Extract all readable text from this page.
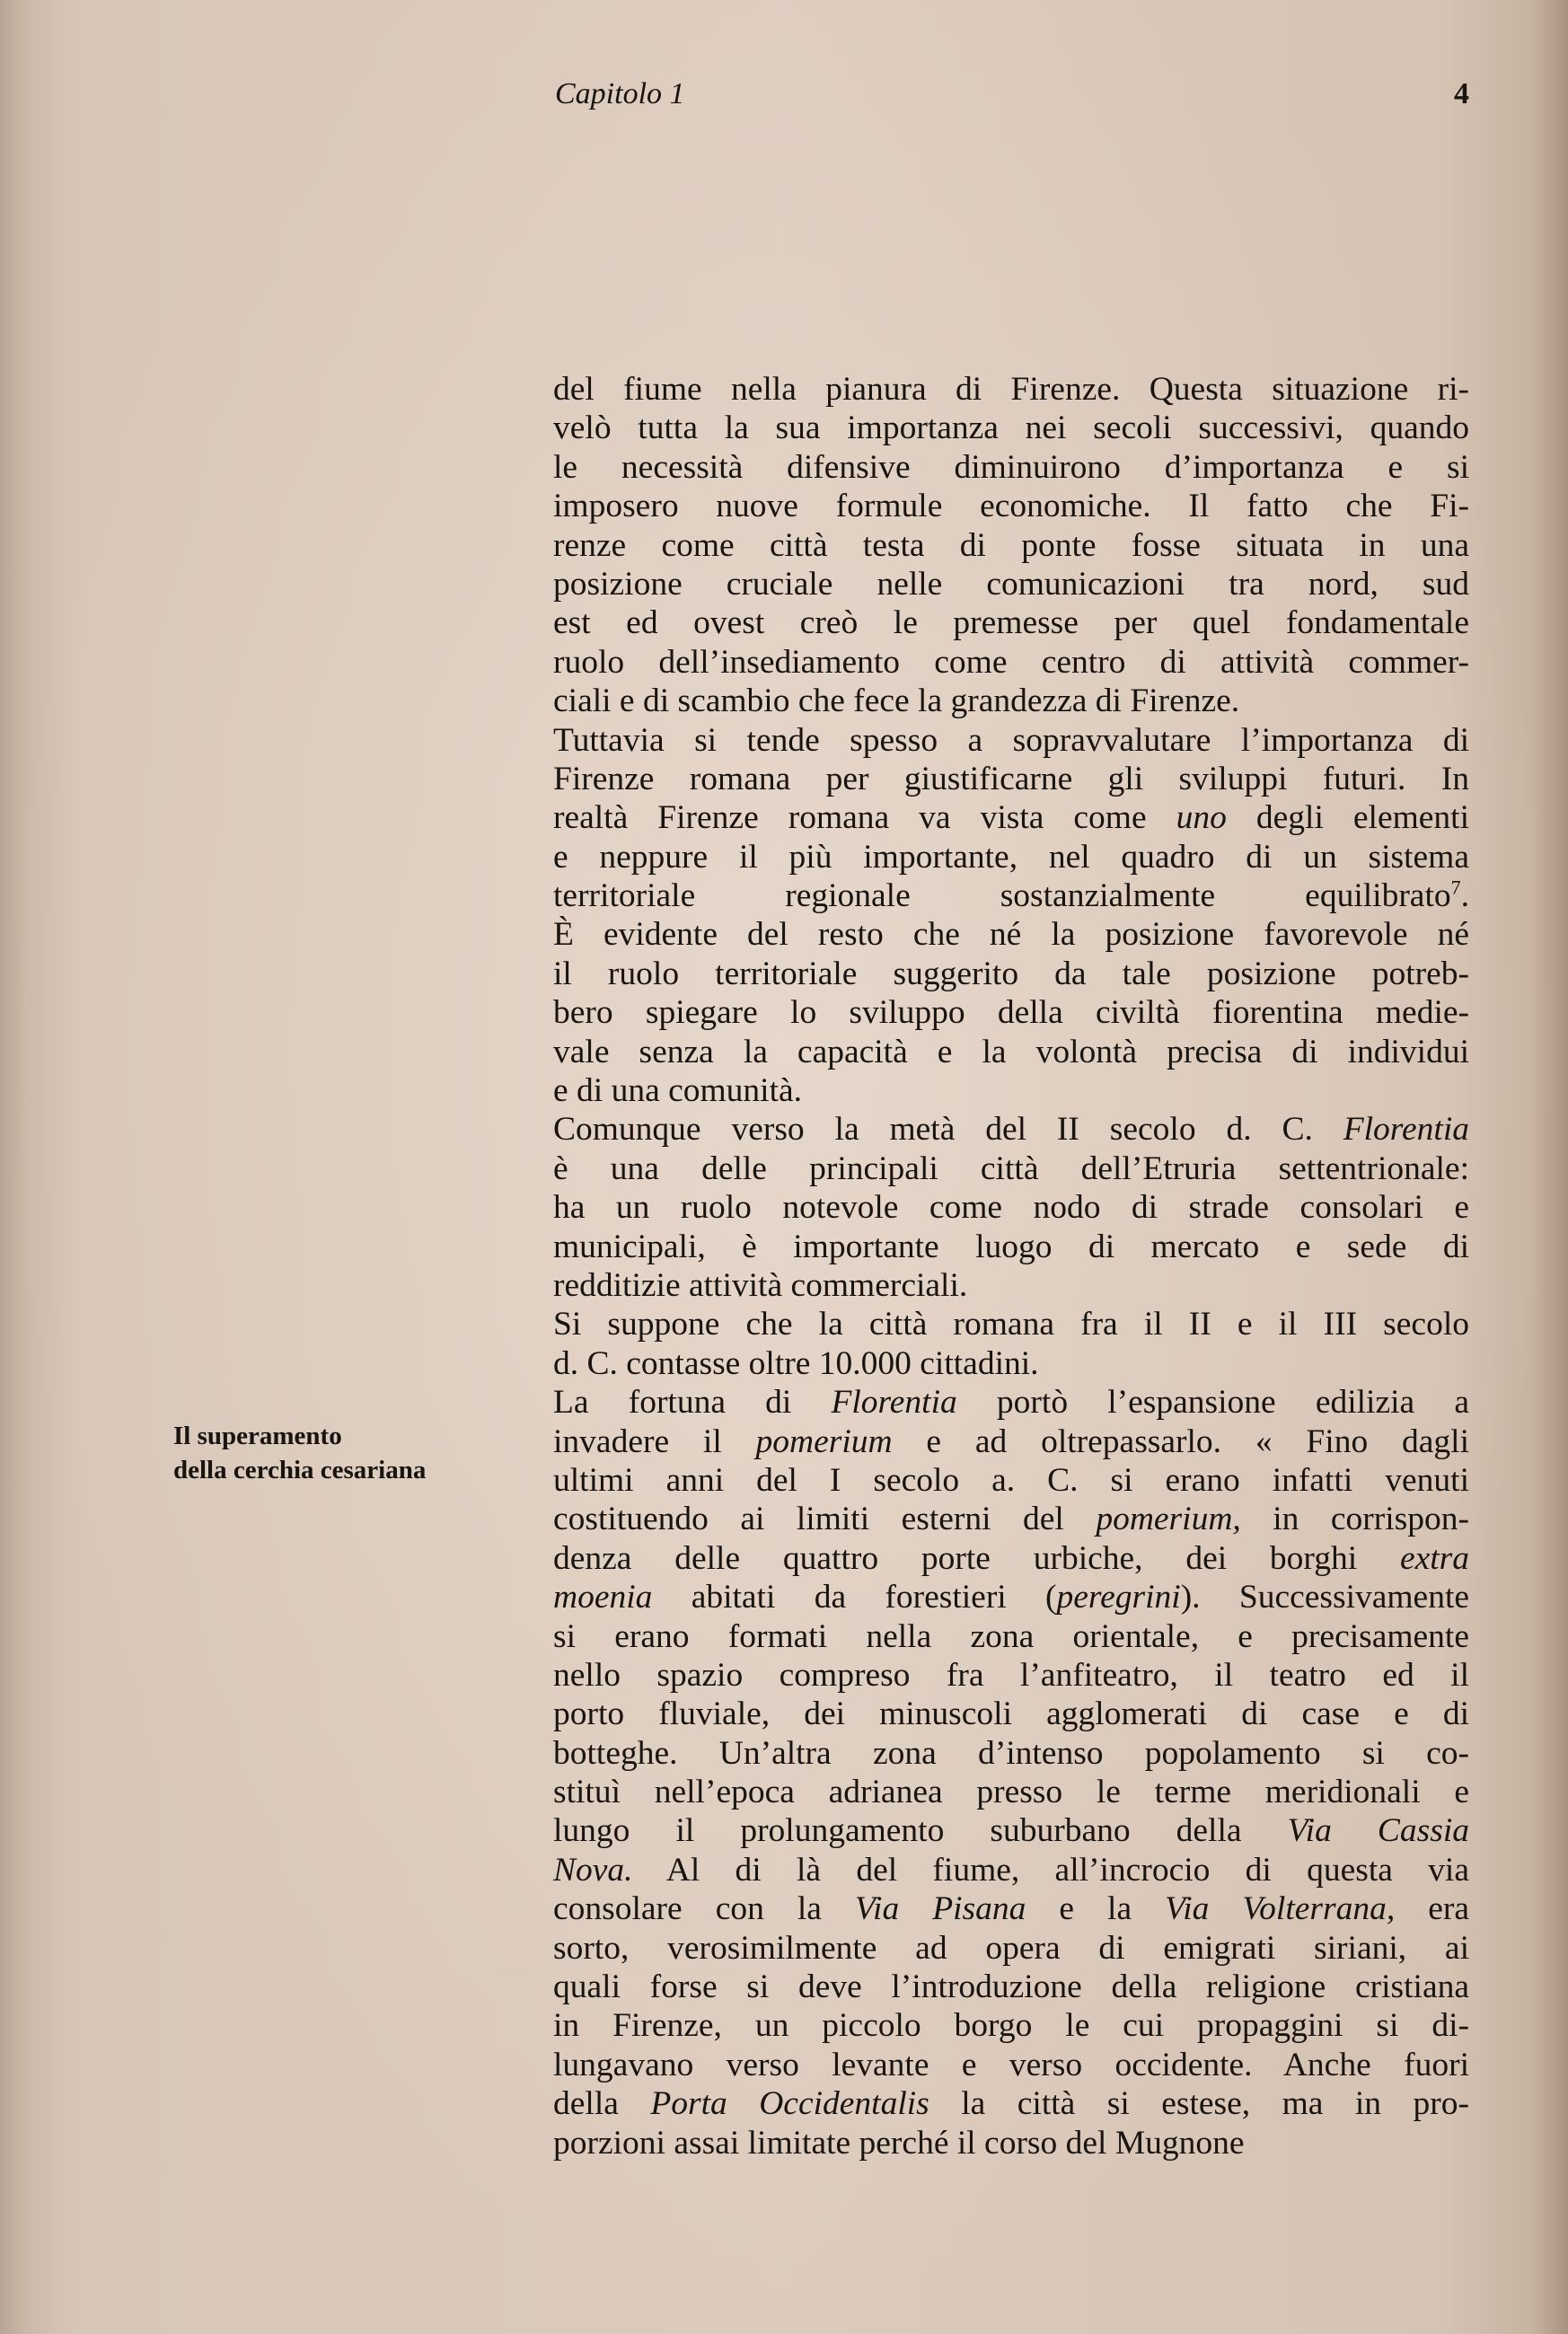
Capitolo 1	4
Il superamento
della cerchia cesariana
del fiume nella pianura di Firenze. Questa situazione ri-
velò tutta la sua importanza nei secoli successivi, quando
le necessità difensive diminuirono d’importanza e si
imposero nuove formule economiche. Il fatto che Fi-
renze come città testa di ponte fosse situata in una
posizione cruciale nelle comunicazioni tra nord, sud
est ed ovest creò le premesse per quel fondamentale
ruolo dell’insediamento come centro di attività commer-
ciali e di scambio che fece la grandezza di Firenze.
Tuttavia si tende spesso a sopravvalutare l’importanza di
Firenze romana per giustificarne gli sviluppi futuri. In
realtà Firenze romana va vista come uno degli elementi
e neppure il più importante, nel quadro di un sistema
territoriale regionale sostanzialmente equilibrato$^7$.
È evidente del resto che né la posizione favorevole né
il ruolo territoriale suggerito da tale posizione potreb-
bero spiegare lo sviluppo della civiltà fiorentina medie-
vale senza la capacità e la volontà precisa di individui
e di una comunità.
Comunque verso la metà del II secolo d. C. Florentia
è una delle principali città dell’Etruria settentrionale:
ha un ruolo notevole come nodo di strade consolari e
municipali, è importante luogo di mercato e sede di
redditizie attività commerciali.
Si suppone che la città romana fra il II e il III secolo
d. C. contasse oltre 10.000 cittadini.
La fortuna di Florentia portò l’espansione edilizia a
invadere il pomerium e ad oltrepassarlo. « Fino dagli
ultimi anni del I secolo a. C. si erano infatti venuti
costituendo ai limiti esterni del pomerium, in corrispon-
denza delle quattro porte urbiche, dei borghi extra
moenia abitati da forestieri (peregrini). Successivamente
si erano formati nella zona orientale, e precisamente
nello spazio compreso fra l’anfiteatro, il teatro ed il
porto fluviale, dei minuscoli agglomerati di case e di
botteghe. Un’altra zona d’intenso popolamento si co-
stituì nell’epoca adrianea presso le terme meridionali e
lungo il prolungamento suburbano della Via Cassia
Nova. Al di là del fiume, all’incrocio di questa via
consolare con la Via Pisana e la Via Volterrana, era
sorto, verosimilmente ad opera di emigrati siriani, ai
quali forse si deve l’introduzione della religione cristiana
in Firenze, un piccolo borgo le cui propaggini si di-
lungavano verso levante e verso occidente. Anche fuori
della Porta Occidentalis la città si estese, ma in pro-
porzioni assai limitate perché il corso del Mugnone
